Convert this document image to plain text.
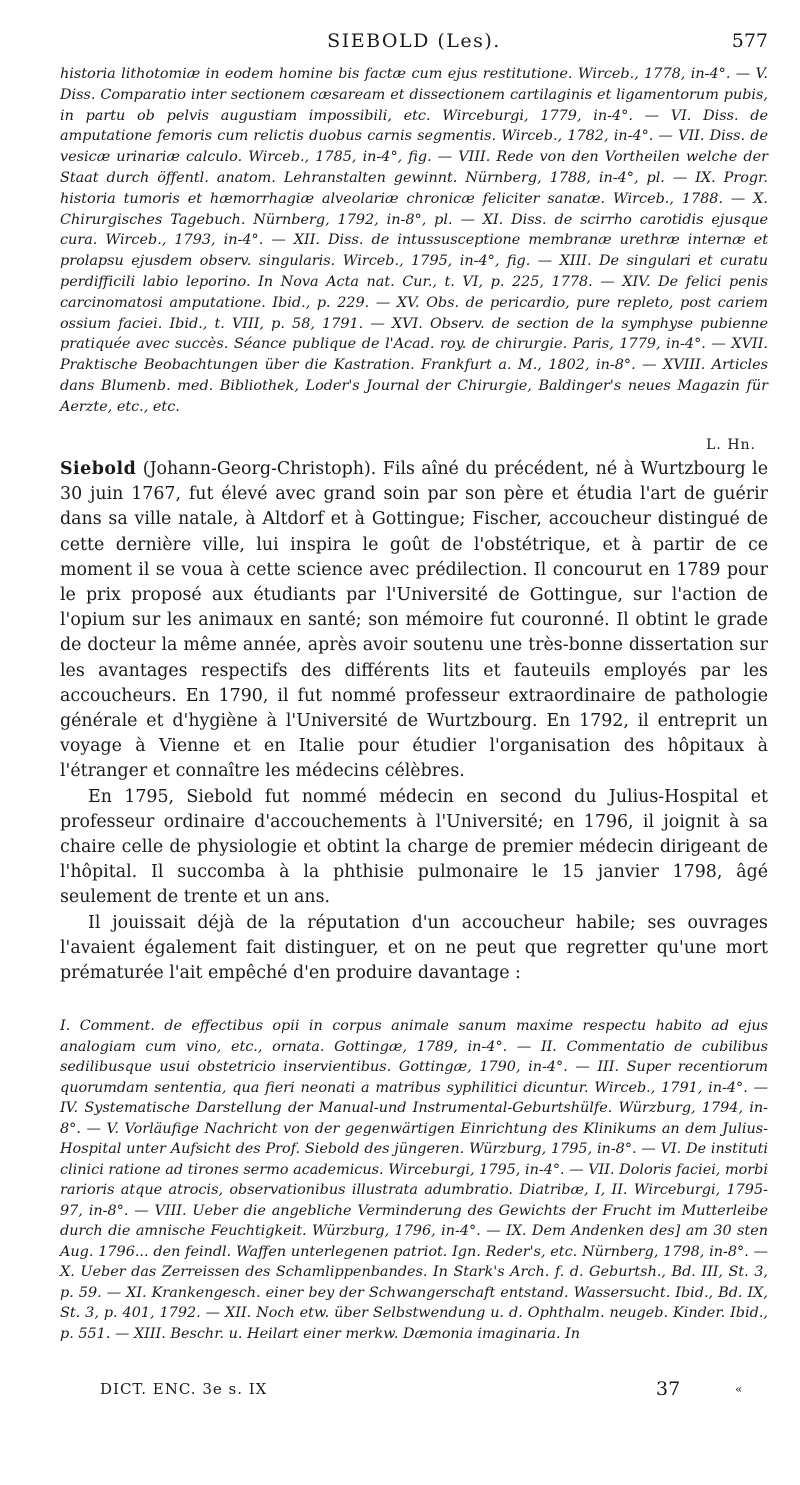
SIEBOLD (Les).	577
historia lithotomiæ in eodem homine bis factæ cum ejus restitutione. Wirceb., 1778, in-4°. — V. Diss. Comparatio inter sectionem cæsaream et dissectionem cartilaginis et ligamentorum pubis, in partu ob pelvis augustiam impossibili, etc. Wirceburgi, 1779, in-4°. — VI. Diss. de amputatione femoris cum relictis duobus carnis segmentis. Wirceb., 1782, in-4°. — VII. Diss. de vesicæ urinariæ calculo. Wirceb., 1785, in-4°, fig. — VIII. Rede von den Vortheilen welche der Staat durch öffentl. anatom. Lehranstalten gewinnt. Nürnberg, 1788, in-4°, pl. — IX. Progr. historia tumoris et hæmorrhagiæ alveolariæ chronicæ feliciter sanatæ. Wirceb., 1788. — X. Chirurgisches Tagebuch. Nürnberg, 1792, in-8°, pl. — XI. Diss. de scirrho carotidis ejusque cura. Wirceb., 1793, in-4°. — XII. Diss. de intussusceptione membranæ urethræ internæ et prolapsu ejusdem observ. singularis. Wirceb., 1795, in-4°, fig. — XIII. De singulari et curatu perdifficili labio leporino. In Nova Acta nat. Cur., t. VI, p. 225, 1778. — XIV. De felici penis carcinomatosi amputatione. Ibid., p. 229. — XV. Obs. de pericardio, pure repleto, post cariem ossium faciei. Ibid., t. VIII, p. 58, 1791. — XVI. Observ. de section de la symphyse pubienne pratiquée avec succès. Séance publique de l'Acad. roy. de chirurgie. Paris, 1779, in-4°. — XVII. Praktische Beobachtungen über die Kastration. Frankfurt a. M., 1802, in-8°. — XVIII. Articles dans Blumenb. med. Bibliothek, Loder's Journal der Chirurgie, Baldinger's neues Magazin für Aerzte, etc., etc.
L. Hn.

Siebold (Johann-Georg-Christoph). Fils aîné du précédent, né à Wurtzbourg le 30 juin 1767, fut élevé avec grand soin par son père et étudia l'art de guérir dans sa ville natale, à Altdorf et à Gottingue; Fischer, accoucheur distingué de cette dernière ville, lui inspira le goût de l'obstétrique, et à partir de ce moment il se voua à cette science avec prédilection. Il concourut en 1789 pour le prix proposé aux étudiants par l'Université de Gottingue, sur l'action de l'opium sur les animaux en santé; son mémoire fut couronné. Il obtint le grade de docteur la même année, après avoir soutenu une très-bonne dissertation sur les avantages respectifs des différents lits et fauteuils employés par les accoucheurs. En 1790, il fut nommé professeur extraordinaire de pathologie générale et d'hygiène à l'Université de Wurtzbourg. En 1792, il entreprit un voyage à Vienne et en Italie pour étudier l'organisation des hôpitaux à l'étranger et connaître les médecins célèbres.

En 1795, Siebold fut nommé médecin en second du Julius-Hospital et professeur ordinaire d'accouchements à l'Université; en 1796, il joignit à sa chaire celle de physiologie et obtint la charge de premier médecin dirigeant de l'hôpital. Il succomba à la phthisie pulmonaire le 15 janvier 1798, âgé seulement de trente et un ans.

Il jouissait déjà de la réputation d'un accoucheur habile; ses ouvrages l'avaient également fait distinguer, et on ne peut que regretter qu'une mort prématurée l'ait empêché d'en produire davantage :

I. Comment. de effectibus opii in corpus animale sanum maxime respectu habito ad ejus analogiam cum vino, etc., ornata. Gottingæ, 1789, in-4°. — II. Commentatio de cubilibus sedilibusque usui obstetricio inservientibus. Gottingæ, 1790, in-4°. — III. Super recentiorum quorumdam sententia, qua fieri neonati a matribus syphilitici dicuntur. Wirceb., 1791, in-4°. — IV. Systematische Darstellung der Manual-und Instrumental-Geburtshülfe. Würzburg, 1794, in-8°. — V. Vorläufige Nachricht von der gegenwärtigen Einrichtung des Klinikums an dem Julius-Hospital unter Aufsicht des Prof. Siebold des jüngeren. Würzburg, 1795, in-8°. — VI. De instituti clinici ratione ad tirones sermo academicus. Wirceburgi, 1795, in-4°. — VII. Doloris faciei, morbi rarioris atque atrocis, observationibus illustrata adumbratio. Diatribæ, I, II. Wirceburgi, 1795-97, in-8°. — VIII. Ueber die angebliche Verminderung des Gewichts der Frucht im Mutterleibe durch die amnische Feuchtigkeit. Würzburg, 1796, in-4°. — IX. Dem Andenken des] am 30 sten Aug. 1796... den feindl. Waffen unterlegenen patriot. Ign. Reder's, etc. Nürnberg, 1798, in-8°. — X. Ueber das Zerreissen des Schamlippenbandes. In Stark's Arch. f. d. Geburtsh., Bd. III, St. 3, p. 59. — XI. Krankengesch. einer bey der Schwangerschaft entstand. Wassersucht. Ibid., Bd. IX, St. 3, p. 401, 1792. — XII. Noch etw. über Selbstwendung u. d. Ophthalm. neugeb. Kinder. Ibid., p. 551. — XIII. Beschr. u. Heilart einer merkw. Dæmonia imaginaria. In
DICT. ENC. 3e s. IX	37	«
